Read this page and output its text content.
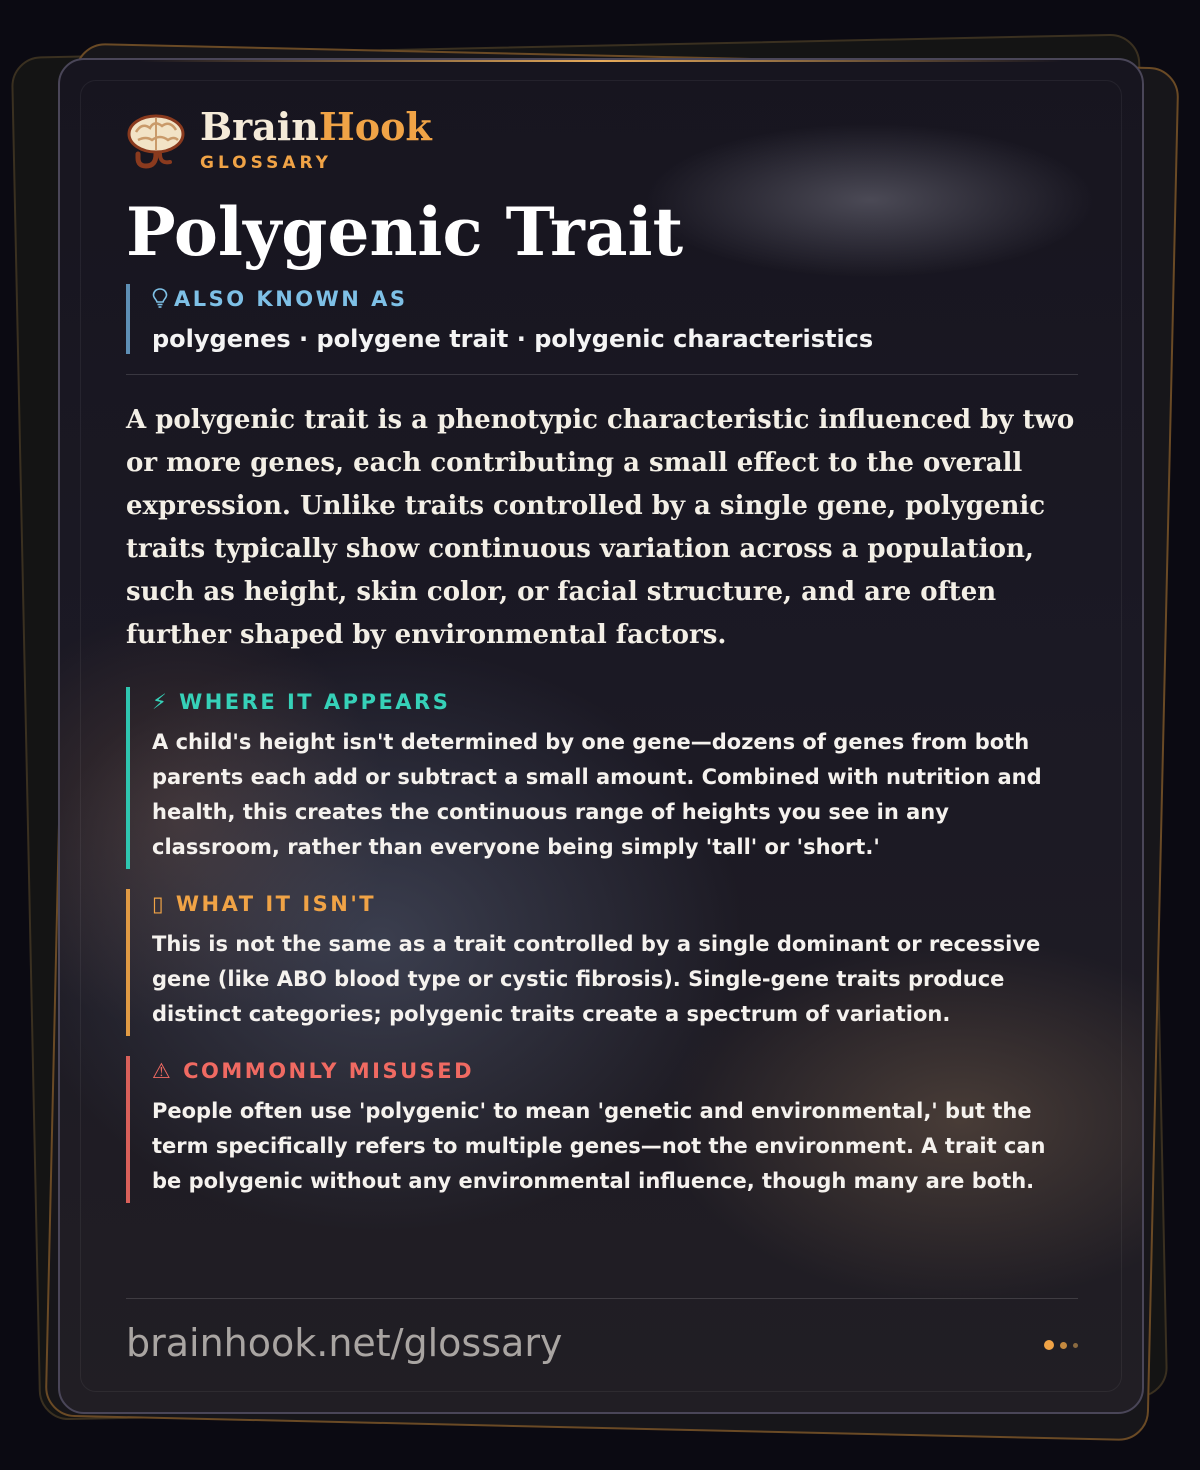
BrainHook
GLOSSARY
Polygenic Trait
ALSO KNOWN AS
polygenes · polygene trait · polygenic characteristics
A polygenic trait is a phenotypic characteristic influenced by two or more genes, each contributing a small effect to the overall expression. Unlike traits controlled by a single gene, polygenic traits typically show continuous variation across a population, such as height, skin color, or facial structure, and are often further shaped by environmental factors.
⚡ WHERE IT APPEARS
A child's height isn't determined by one gene—dozens of genes from both parents each add or subtract a small amount. Combined with nutrition and health, this creates the continuous range of heights you see in any classroom, rather than everyone being simply 'tall' or 'short.'
▯ WHAT IT ISN'T
This is not the same as a trait controlled by a single dominant or recessive gene (like ABO blood type or cystic fibrosis). Single-gene traits produce distinct categories; polygenic traits create a spectrum of variation.
⚠ COMMONLY MISUSED
People often use 'polygenic' to mean 'genetic and environmental,' but the term specifically refers to multiple genes—not the environment. A trait can be polygenic without any environmental influence, though many are both.
brainhook.net/glossary
